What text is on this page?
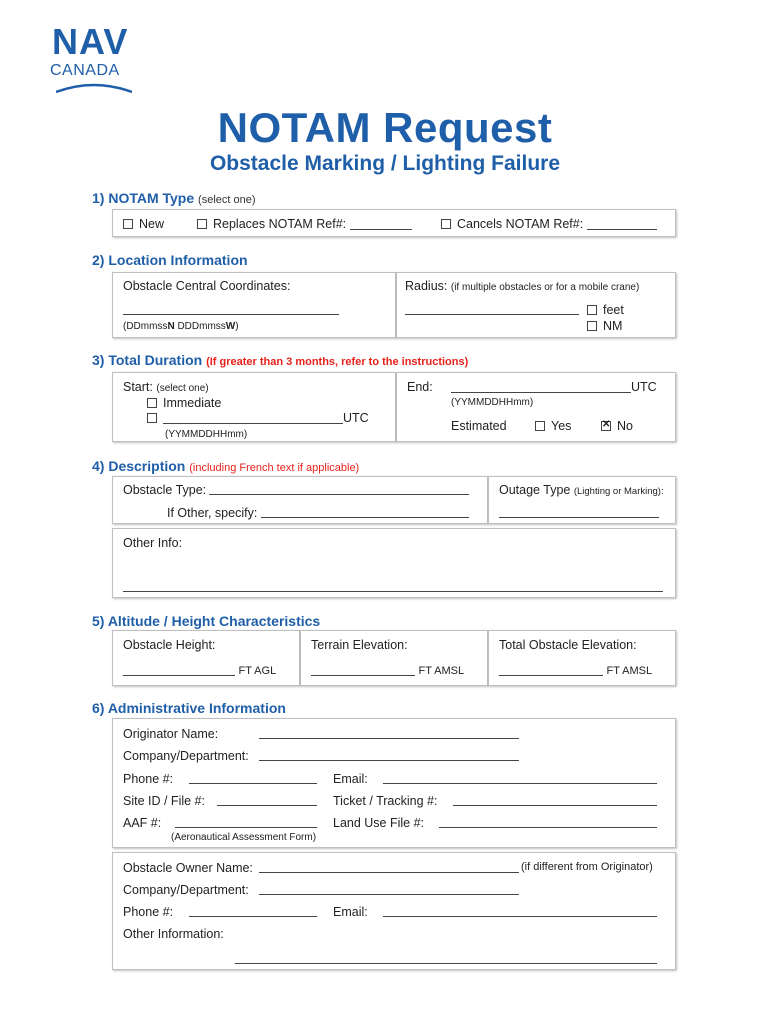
NAV
CANADA
NOTAM Request
Obstacle Marking / Lighting Failure
1) NOTAM Type (select one)
New	Replaces NOTAM Ref#:	Cancels NOTAM Ref#:
2) Location Information
Obstacle Central Coordinates:
(DDmmssN DDDmmssW)
Radius: (if multiple obstacles or for a mobile crane)
feet
NM
3) Total Duration (If greater than 3 months, refer to the instructions)
Start: (select one)
Immediate
UTC
(YYMMDDHHmm)
End:	UTC
(YYMMDDHHmm)
Estimated	Yes
✕	No
4) Description (including French text if applicable)
Obstacle Type:
If Other, specify:
Outage Type (Lighting or Marking):
Other Info:
5) Altitude / Height Characteristics
Obstacle Height:
FT AGL
Terrain Elevation:
FT AMSL
Total Obstacle Elevation:
FT AMSL
6) Administrative Information
Originator Name:
Company/Department:
Phone #:	Email:
Site ID / File #:	Ticket / Tracking #:
AAF #:	Land Use File #:
(Aeronautical Assessment Form)
Obstacle Owner Name:	(if different from Originator)
Company/Department:
Phone #:	Email:
Other Information:
